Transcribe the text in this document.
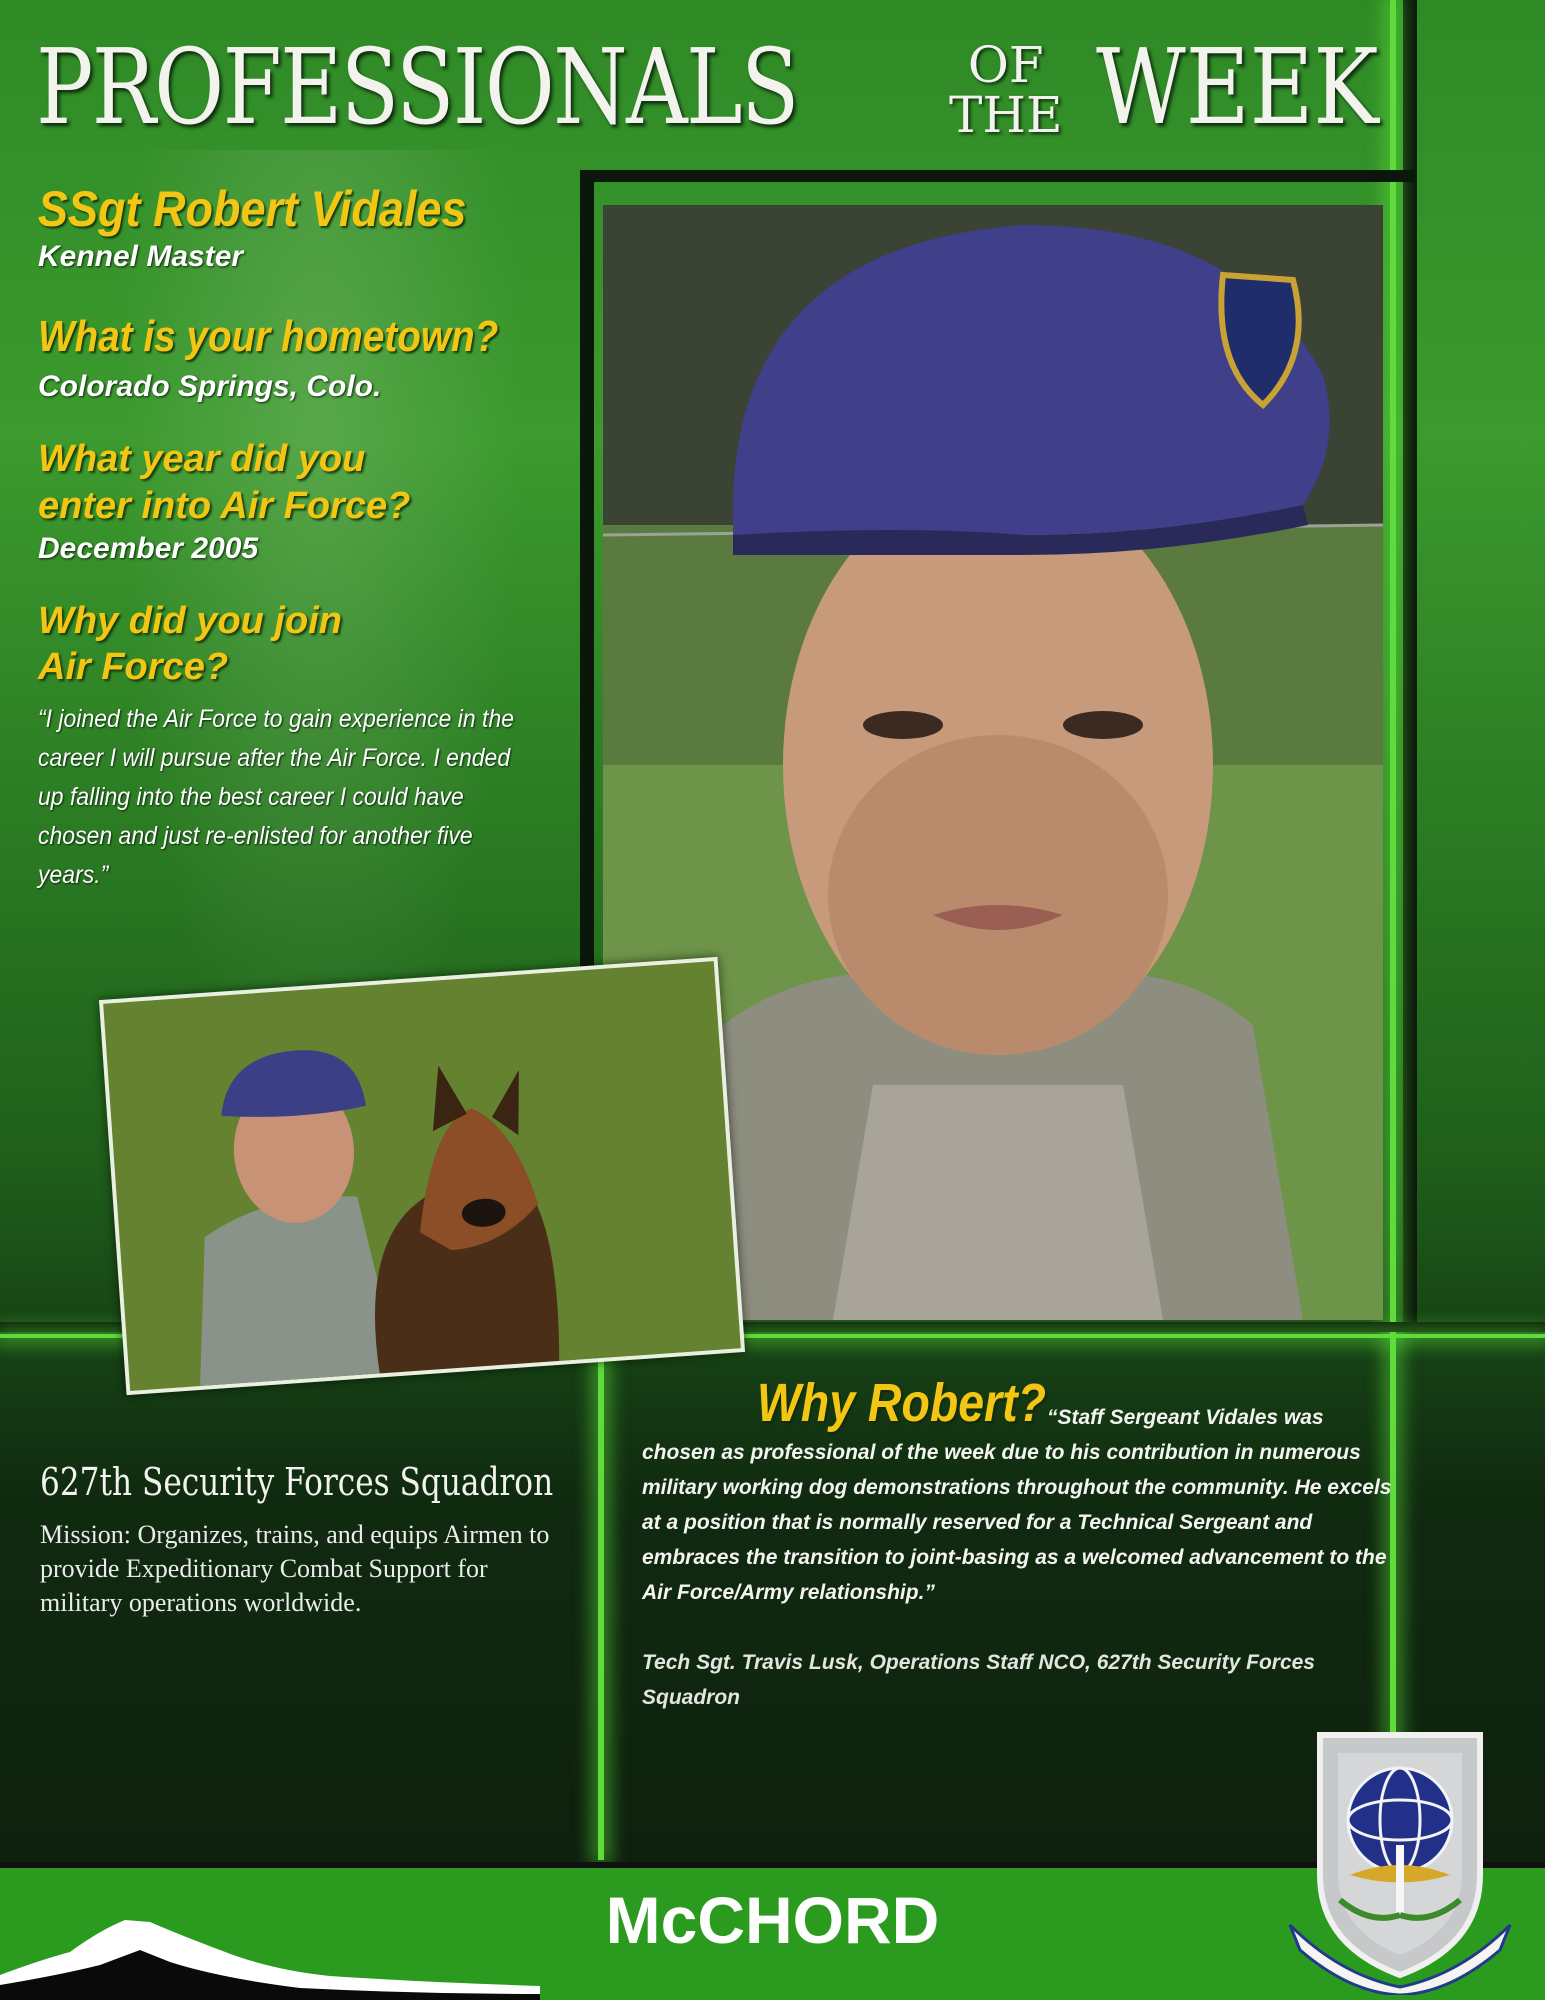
PROFESSIONALS	OF
THE WEEK
SSgt Robert Vidales
Kennel Master
What is your hometown?
Colorado Springs, Colo.
What year did you
enter into Air Force?
December 2005
Why did you join
Air Force?
“I joined the Air Force to gain experience in the career I will pursue after the Air Force. I ended up falling into the best career I could have chosen and just re-enlisted for another five years.”
627th Security Forces Squadron
Mission: Organizes, trains, and equips Airmen to provide Expeditionary Combat Support for military operations worldwide.
Why Robert? “Staff Sergeant Vidales was chosen as professional of the week due to his contribution in numerous military working dog demonstrations throughout the community. He excels at a position that is normally reserved for a Technical Sergeant and embraces the transition to joint-basing as a welcomed advancement to the Air Force/Army relationship.”
Tech Sgt. Travis Lusk, Operations Staff NCO, 627th Security Forces Squadron
McCHORD
